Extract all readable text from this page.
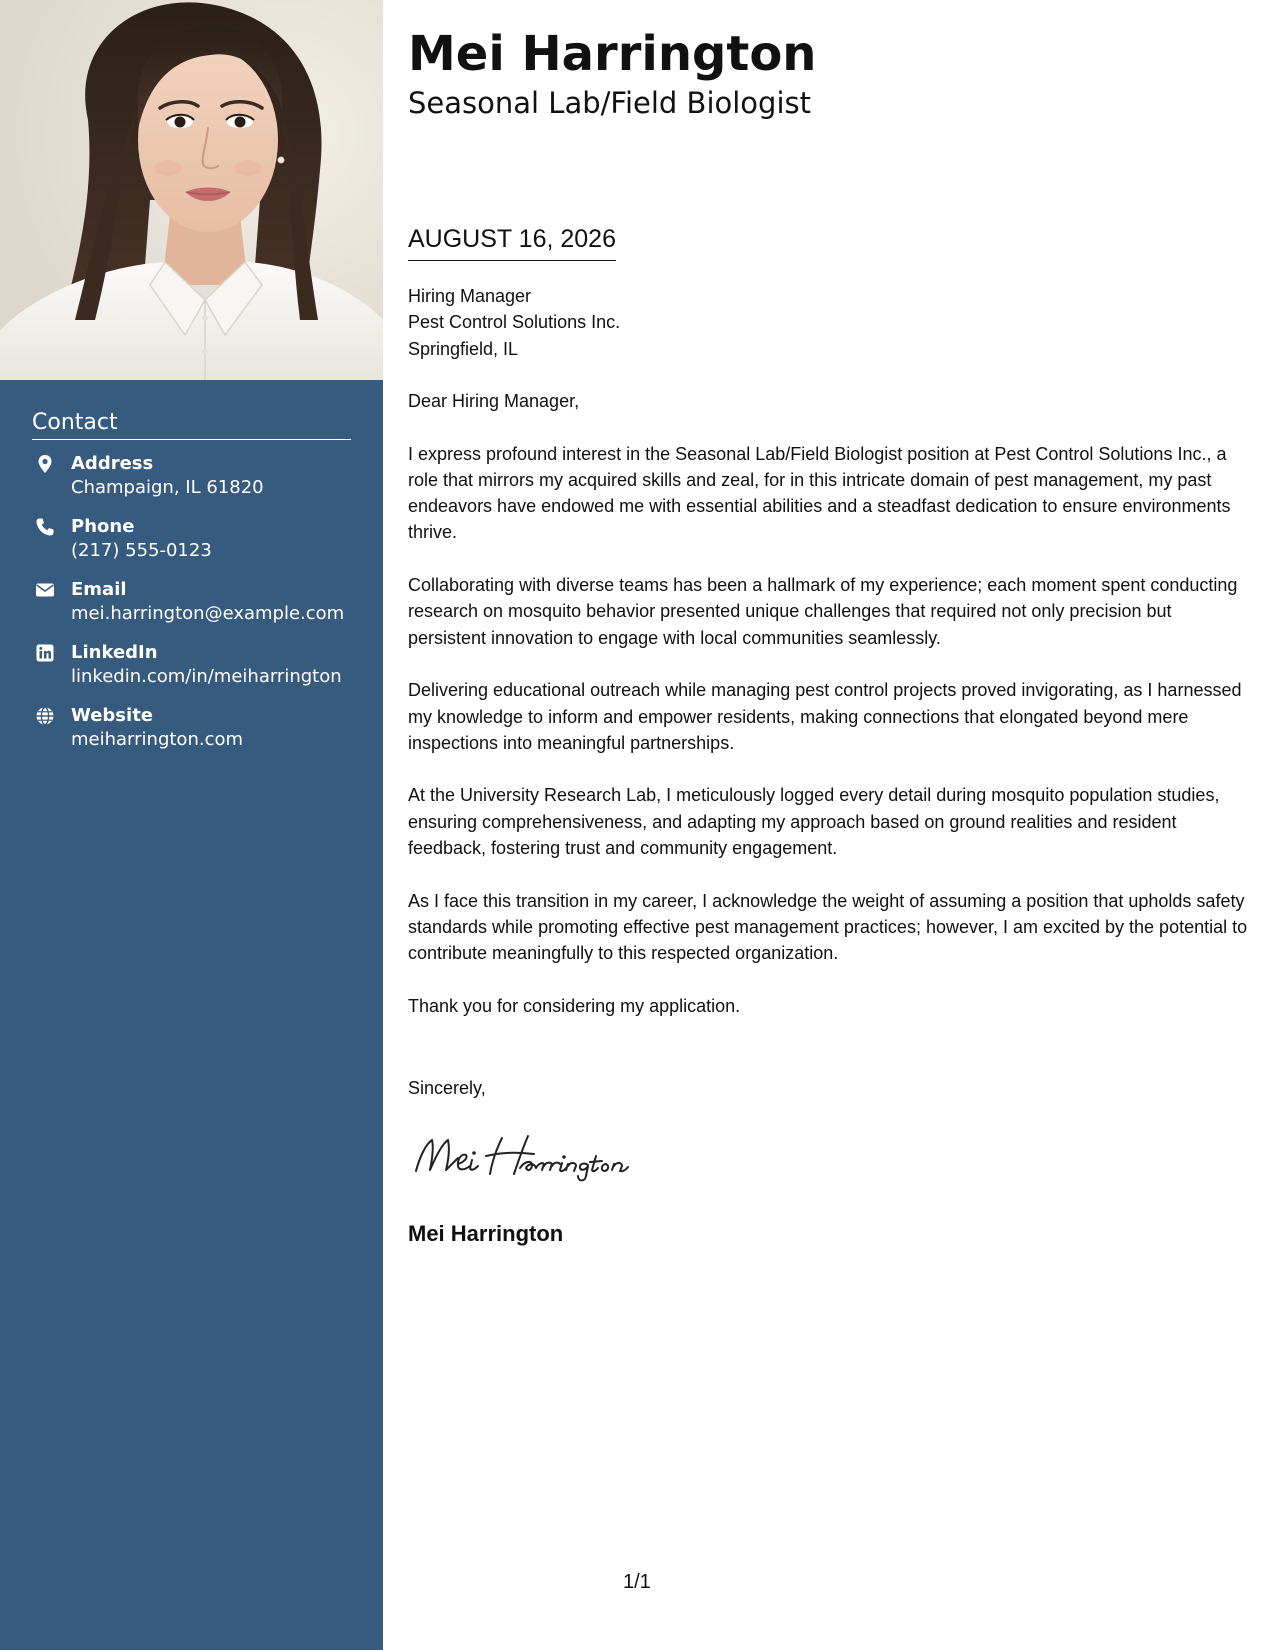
Contact
Address
Champaign, IL 61820
Phone
(217) 555-0123
Email
mei.harrington@example.com
LinkedIn
linkedin.com/in/meiharrington
Website
meiharrington.com
Mei Harrington
Seasonal Lab/Field Biologist
AUGUST 16, 2026
Hiring Manager
Pest Control Solutions Inc.
Springfield, IL

Dear Hiring Manager,

I express profound interest in the Seasonal Lab/Field Biologist position at Pest Control Solutions Inc., a role that mirrors my acquired skills and zeal, for in this intricate domain of pest management, my past endeavors have endowed me with essential abilities and a steadfast dedication to ensure environments thrive.

Collaborating with diverse teams has been a hallmark of my experience; each moment spent conducting research on mosquito behavior presented unique challenges that required not only precision but persistent innovation to engage with local communities seamlessly.

Delivering educational outreach while managing pest control projects proved invigorating, as I harnessed my knowledge to inform and empower residents, making connections that elongated beyond mere inspections into meaningful partnerships.

At the University Research Lab, I meticulously logged every detail during mosquito population studies, ensuring comprehensiveness, and adapting my approach based on ground realities and resident feedback, fostering trust and community engagement.

As I face this transition in my career, I acknowledge the weight of assuming a position that upholds safety standards while promoting effective pest management practices; however, I am excited by the potential to contribute meaningfully to this respected organization.

Thank you for considering my application.

Sincerely,
Mei Harrington
1/1
